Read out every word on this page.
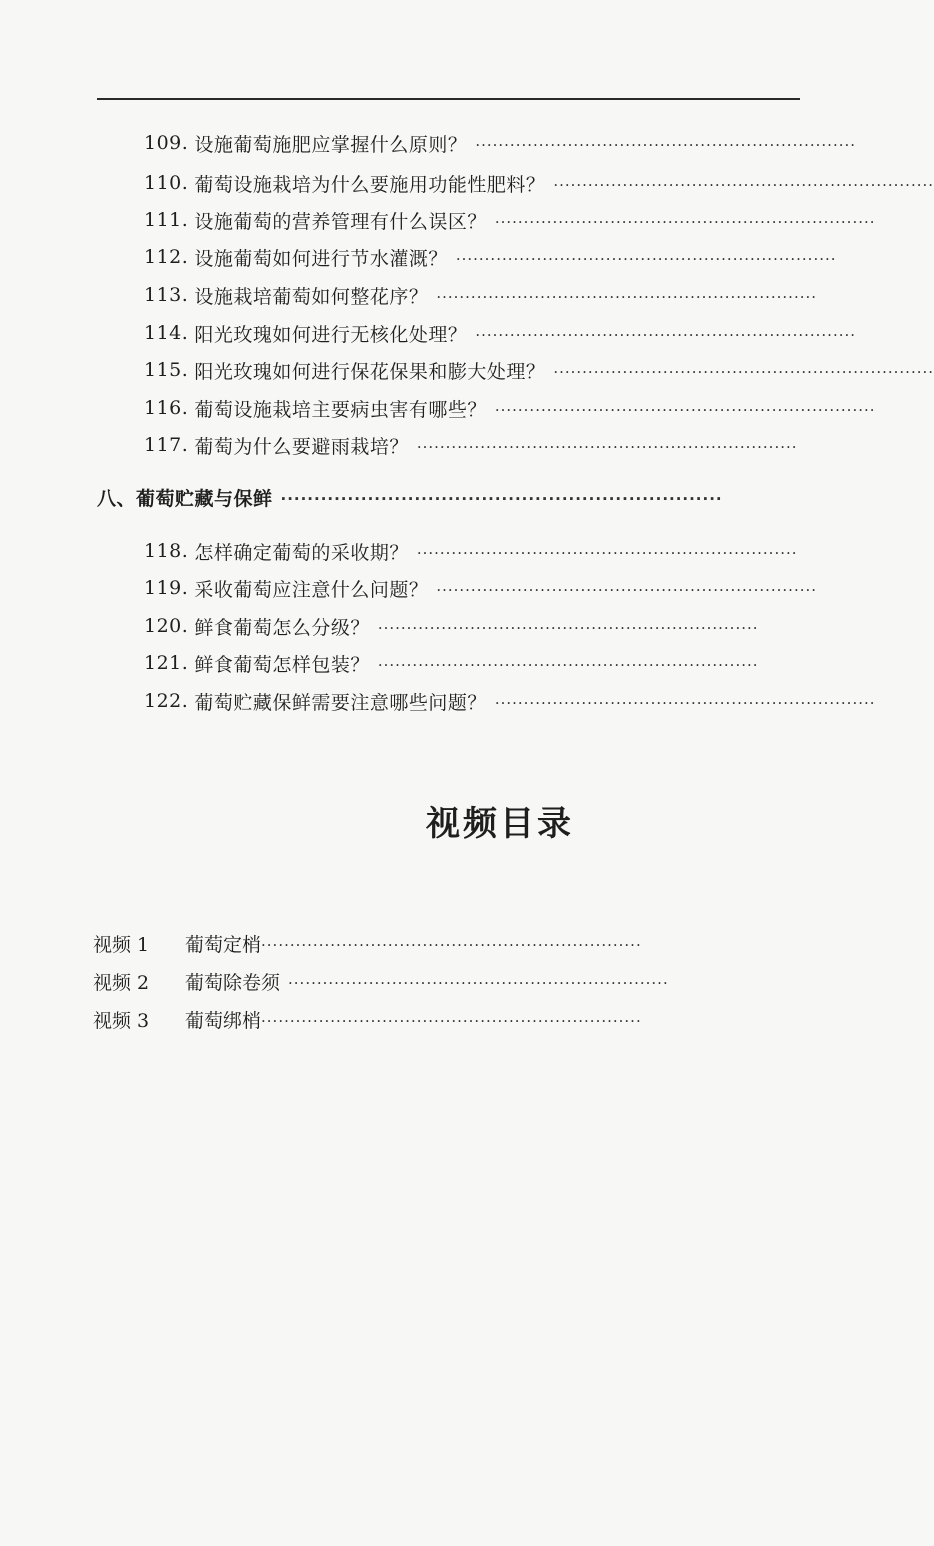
109. 设施葡萄施肥应掌握什么原则？ ··································································
110. 葡萄设施栽培为什么要施用功能性肥料？ ··································································
111. 设施葡萄的营养管理有什么误区？ ··································································
112. 设施葡萄如何进行节水灌溉？ ··································································
113. 设施栽培葡萄如何整花序？ ··································································
114. 阳光玫瑰如何进行无核化处理？ ··································································
115. 阳光玫瑰如何进行保花保果和膨大处理？ ··································································
116. 葡萄设施栽培主要病虫害有哪些？ ··································································
117. 葡萄为什么要避雨栽培？ ··································································
八、葡萄贮藏与保鲜 ··································································
118. 怎样确定葡萄的采收期？ ··································································
119. 采收葡萄应注意什么问题？ ··································································
120. 鲜食葡萄怎么分级？ ··································································
121. 鲜食葡萄怎样包装？ ··································································
122. 葡萄贮藏保鲜需要注意哪些问题？ ··································································
视频目录
视频 1	葡萄定梢 ··································································
视频 2	葡萄除卷须 ··································································
视频 3	葡萄绑梢 ··································································
